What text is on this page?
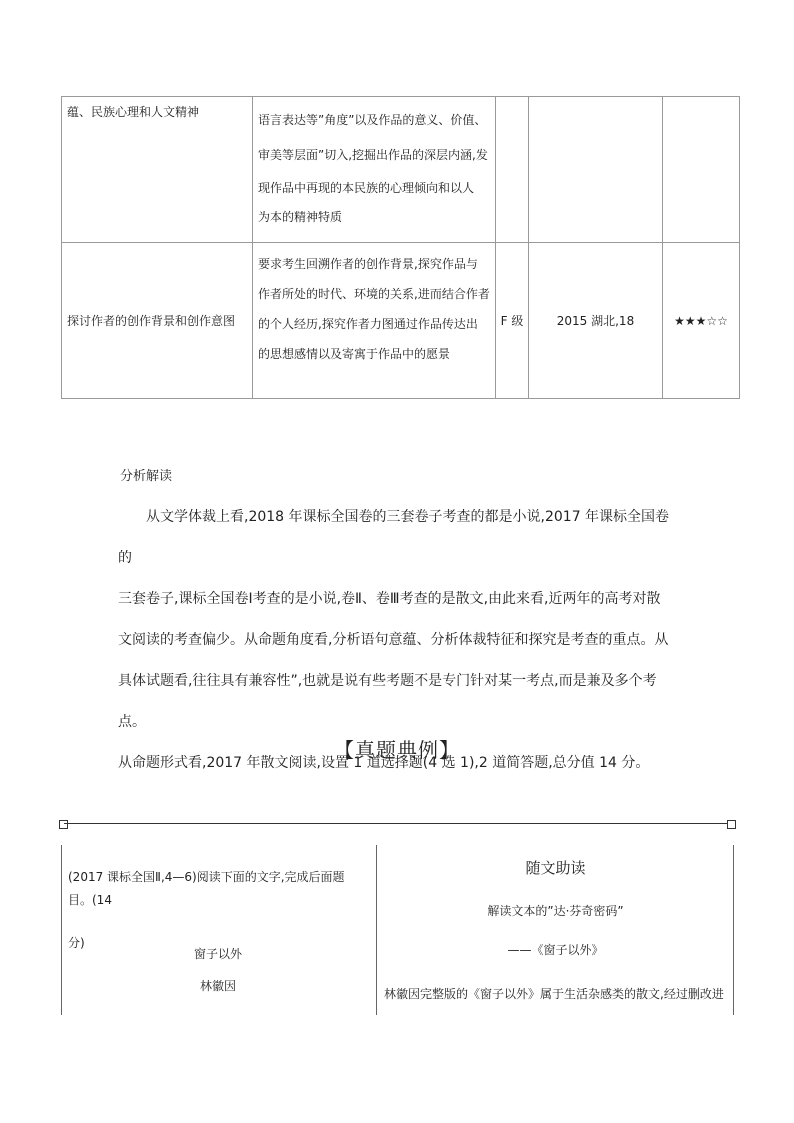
蕴、民族心理和人文精神	语言表达等”角度”以及作品的意义、价值、
审美等层面”切入,挖掘出作品的深层内涵,发
现作品中再现的本民族的心理倾向和以人
为本的精神特质			

探讨作者的创作背景和创作意图	要求考生回溯作者的创作背景,探究作品与
作者所处的时代、环境的关系,进而结合作者
的个人经历,探究作者力图通过作品传达出
的思想感情以及寄寓于作品中的愿景	F 级	2015 湖北,18	★★★☆☆
分析解读
从文学体裁上看,2018 年课标全国卷的三套卷子考查的都是小说,2017 年课标全国卷的
三套卷子,课标全国卷Ⅰ考查的是小说,卷Ⅱ、卷Ⅲ考查的是散文,由此来看,近两年的高考对散
文阅读的考查偏少。从命题角度看,分析语句意蕴、分析体裁特征和探究是考查的重点。从
具体试题看,往往具有兼容性”,也就是说有些考题不是专门针对某一考点,而是兼及多个考点。
从命题形式看,2017 年散文阅读,设置 1 道选择题(4 选 1),2 道简答题,总分值 14 分。
【真题典例】
(2017 课标全国Ⅱ,4—6)阅读下面的文字,完成后面题目。(14
分)
窗子以外
林徽因
随文助读
解读文本的”达·芬奇密码”
——《窗子以外》
林徽因完整版的《窗子以外》属于生活杂感类的散文,经过删改进
